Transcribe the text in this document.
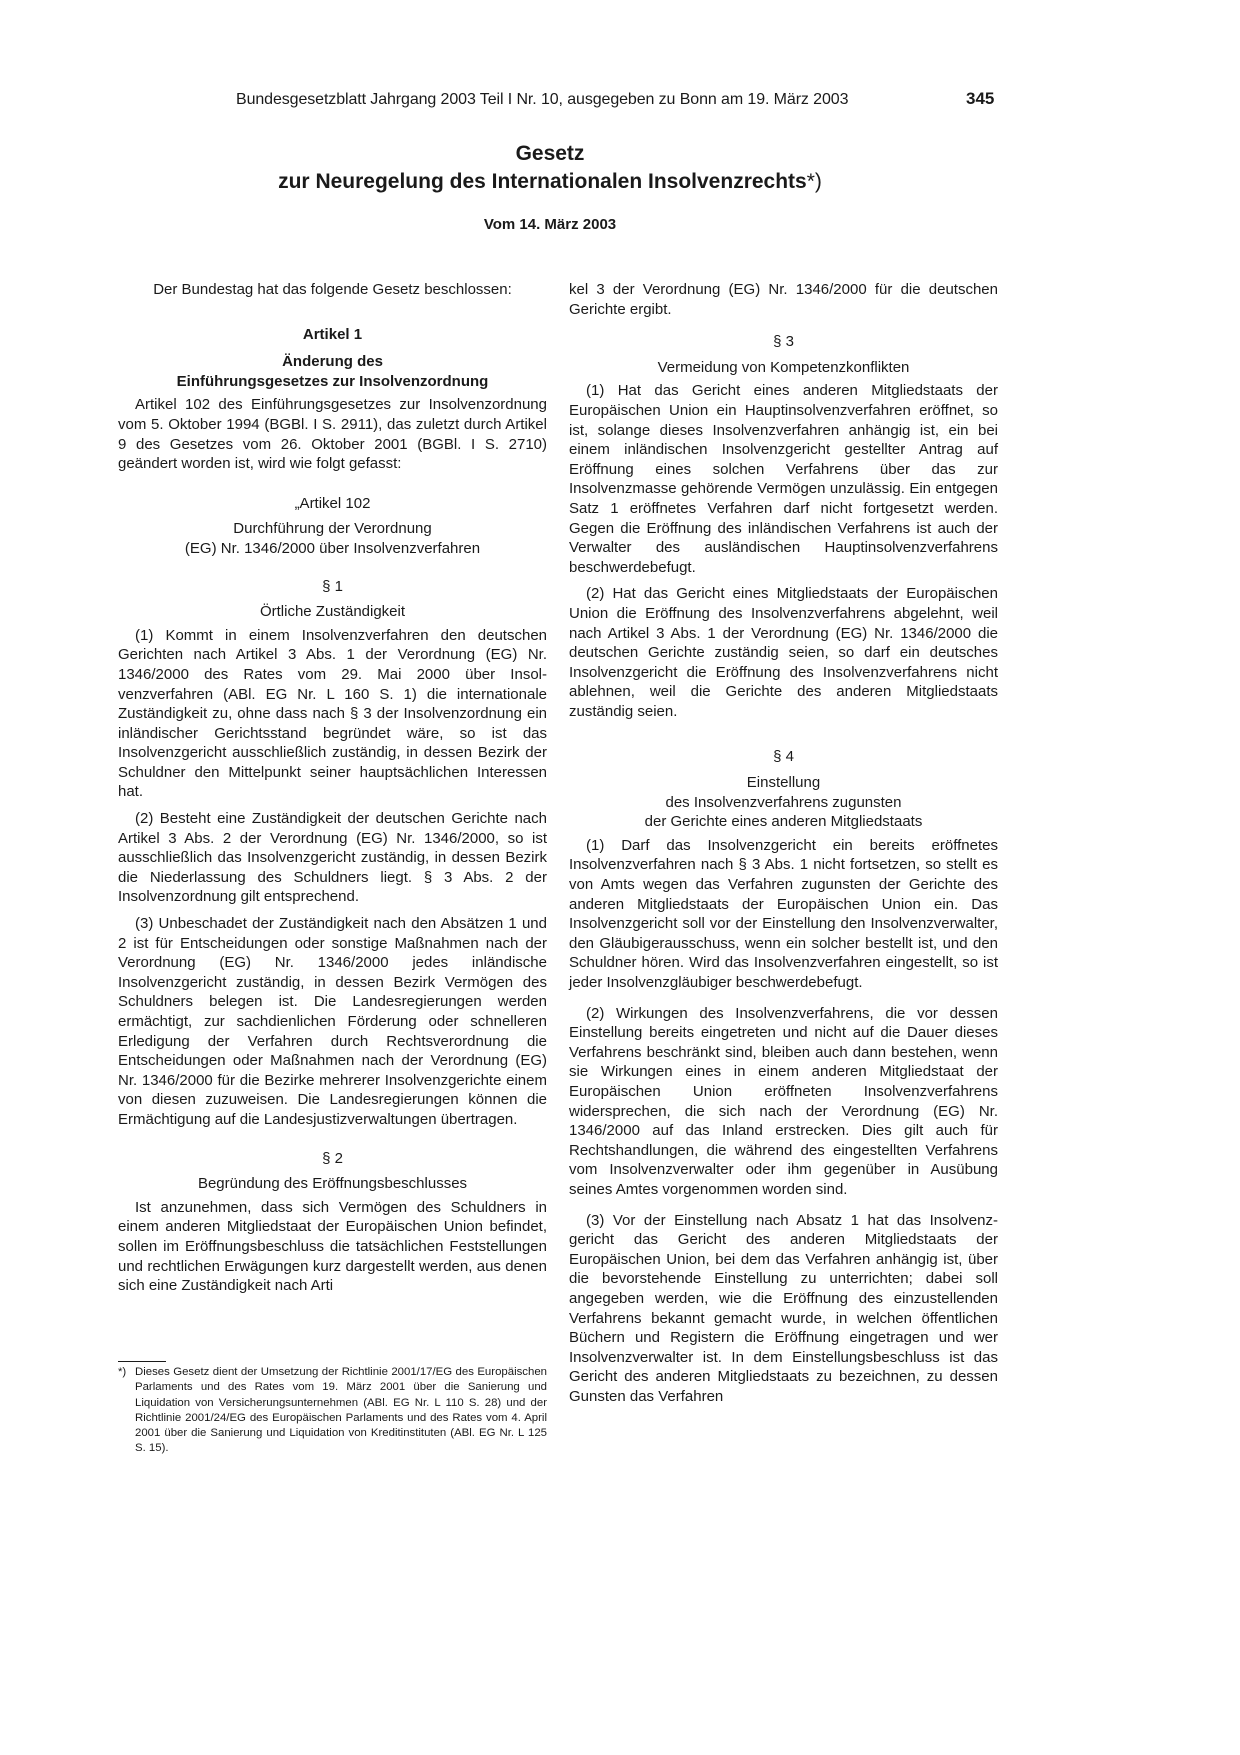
Bundesgesetzblatt Jahrgang 2003 Teil I Nr. 10, ausgegeben zu Bonn am 19. März 2003	345
Gesetz
zur Neuregelung des Internationalen Insolvenzrechts*)
Vom 14. März 2003

Der Bundestag hat das folgende Gesetz beschlossen:

Artikel 1

Änderung des

Einführungsgesetzes zur Insolvenzordnung

Artikel 102 des Einführungsgesetzes zur Insolvenzordnung vom 5. Oktober 1994 (BGBl. I S. 2911), das zuletzt durch Artikel 9 des Gesetzes vom 26. Oktober 2001 (BGBl. I S. 2710) geändert worden ist, wird wie folgt gefasst:

„Artikel 102

Durchführung der Verordnung

(EG) Nr. 1346/2000 über Insolvenzverfahren

§ 1

Örtliche Zuständigkeit

(1) Kommt in einem Insolvenzverfahren den deutschen Gerichten nach Artikel 3 Abs. 1 der Verordnung (EG) Nr. 1346/2000 des Rates vom 29. Mai 2000 über Insolvenzverfahren (ABl. EG Nr. L 160 S. 1) die internationale Zuständigkeit zu, ohne dass nach § 3 der Insolvenzordnung ein inländischer Gerichtsstand begründet wäre, so ist das Insolvenzgericht ausschließlich zuständig, in dessen Bezirk der Schuldner den Mittelpunkt seiner hauptsächlichen Interessen hat.

(2) Besteht eine Zuständigkeit der deutschen Gerichte nach Artikel 3 Abs. 2 der Verordnung (EG) Nr. 1346/2000, so ist ausschließlich das Insolvenzgericht zuständig, in dessen Bezirk die Niederlassung des Schuldners liegt. § 3 Abs. 2 der Insolvenzordnung gilt entsprechend.

(3) Unbeschadet der Zuständigkeit nach den Absätzen 1 und 2 ist für Entscheidungen oder sonstige Maßnahmen nach der Verordnung (EG) Nr. 1346/2000 jedes inländische Insolvenzgericht zuständig, in dessen Bezirk Vermögen des Schuldners belegen ist. Die Landesregierungen werden ermächtigt, zur sachdienlichen Förderung oder schnelleren Erledigung der Verfahren durch Rechtsverordnung die Entscheidungen oder Maßnahmen nach der Verordnung (EG) Nr. 1346/2000 für die Bezirke mehrerer Insolvenzgerichte einem von diesen zuzuweisen. Die Landesregierungen können die Ermächtigung auf die Landesjustizverwaltungen übertragen.

§ 2

Begründung des Eröffnungsbeschlusses

Ist anzunehmen, dass sich Vermögen des Schuldners in einem anderen Mitgliedstaat der Europäischen Union befindet, sollen im Eröffnungsbeschluss die tatsächlichen Feststellungen und rechtlichen Erwägungen kurz dargestellt werden, aus denen sich eine Zuständigkeit nach Arti

kel 3 der Verordnung (EG) Nr. 1346/2000 für die deutschen Gerichte ergibt.

§ 3

Vermeidung von Kompetenzkonflikten

(1) Hat das Gericht eines anderen Mitgliedstaats der Europäischen Union ein Hauptinsolvenzverfahren eröffnet, so ist, solange dieses Insolvenzverfahren anhängig ist, ein bei einem inländischen Insolvenzgericht gestellter Antrag auf Eröffnung eines solchen Verfahrens über das zur Insolvenzmasse gehörende Vermögen unzulässig. Ein entgegen Satz 1 eröffnetes Verfahren darf nicht fortgesetzt werden. Gegen die Eröffnung des inländischen Verfahrens ist auch der Verwalter des ausländischen Hauptinsolvenzverfahrens beschwerdebefugt.

(2) Hat das Gericht eines Mitgliedstaats der Europäischen Union die Eröffnung des Insolvenzverfahrens abgelehnt, weil nach Artikel 3 Abs. 1 der Verordnung (EG) Nr. 1346/2000 die deutschen Gerichte zuständig seien, so darf ein deutsches Insolvenzgericht die Eröffnung des Insolvenzverfahrens nicht ablehnen, weil die Gerichte des anderen Mitgliedstaats zuständig seien.

§ 4

Einstellung

des Insolvenzverfahrens zugunsten

der Gerichte eines anderen Mitgliedstaats

(1) Darf das Insolvenzgericht ein bereits eröffnetes Insolvenzverfahren nach § 3 Abs. 1 nicht fortsetzen, so stellt es von Amts wegen das Verfahren zugunsten der Gerichte des anderen Mitgliedstaats der Europäischen Union ein. Das Insolvenzgericht soll vor der Einstellung den Insolvenzverwalter, den Gläubigerausschuss, wenn ein solcher bestellt ist, und den Schuldner hören. Wird das Insolvenzverfahren eingestellt, so ist jeder Insolvenzgläubiger beschwerdebefugt.

(2) Wirkungen des Insolvenzverfahrens, die vor dessen Einstellung bereits eingetreten und nicht auf die Dauer dieses Verfahrens beschränkt sind, bleiben auch dann bestehen, wenn sie Wirkungen eines in einem anderen Mitgliedstaat der Europäischen Union eröffneten Insolvenzverfahrens widersprechen, die sich nach der Verordnung (EG) Nr. 1346/2000 auf das Inland erstrecken. Dies gilt auch für Rechtshandlungen, die während des eingestellten Verfahrens vom Insolvenzverwalter oder ihm gegenüber in Ausübung seines Amtes vorgenommen worden sind.

(3) Vor der Einstellung nach Absatz 1 hat das Insolvenzgericht das Gericht des anderen Mitgliedstaats der Europäischen Union, bei dem das Verfahren anhängig ist, über die bevorstehende Einstellung zu unterrichten; dabei soll angegeben werden, wie die Eröffnung des einzustellenden Verfahrens bekannt gemacht wurde, in welchen öffentlichen Büchern und Registern die Eröffnung eingetragen und wer Insolvenzverwalter ist. In dem Einstellungsbeschluss ist das Gericht des anderen Mitgliedstaats zu bezeichnen, zu dessen Gunsten das Verfahren

*) Dieses Gesetz dient der Umsetzung der Richtlinie 2001/17/EG des Europäischen Parlaments und des Rates vom 19. März 2001 über die Sanierung und Liquidation von Versicherungsunternehmen (ABl. EG Nr. L 110 S. 28) und der Richtlinie 2001/24/EG des Europäischen Parlaments und des Rates vom 4. April 2001 über die Sanierung und Liquidation von Kreditinstituten (ABl. EG Nr. L 125 S. 15).
